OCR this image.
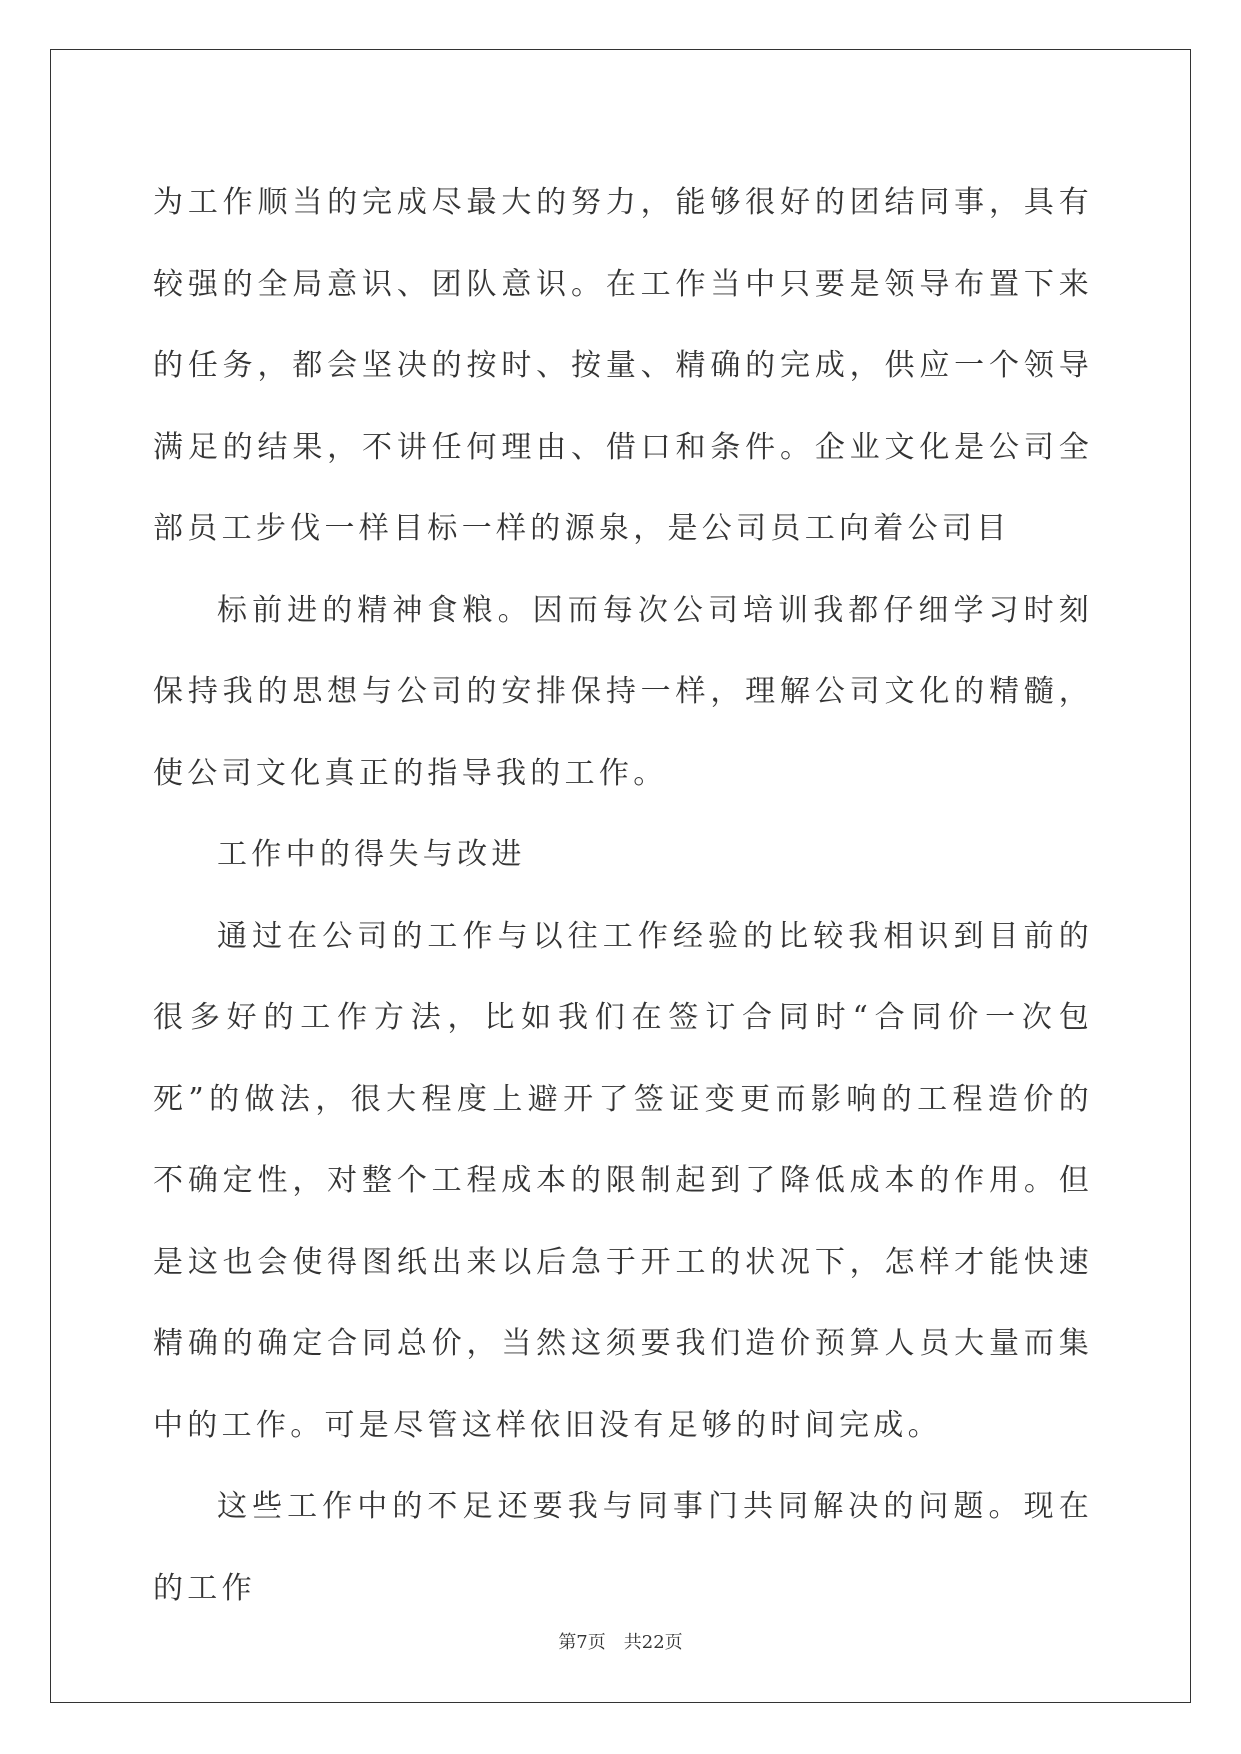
为工作顺当的完成尽最大的努力，能够很好的团结同事，具有较强的全局意识、团队意识。在工作当中只要是领导布置下来的任务，都会坚决的按时、按量、精确的完成，供应一个领导满足的结果，不讲任何理由、借口和条件。企业文化是公司全部员工步伐一样目标一样的源泉，是公司员工向着公司目

标前进的精神食粮。因而每次公司培训我都仔细学习时刻保持我的思想与公司的安排保持一样，理解公司文化的精髓，使公司文化真正的指导我的工作。

工作中的得失与改进

通过在公司的工作与以往工作经验的比较我相识到目前的很多好的工作方法，比如我们在签订合同时“合同价一次包死”的做法，很大程度上避开了签证变更而影响的工程造价的不确定性，对整个工程成本的限制起到了降低成本的作用。但是这也会使得图纸出来以后急于开工的状况下，怎样才能快速精确的确定合同总价，当然这须要我们造价预算人员大量而集中的工作。可是尽管这样依旧没有足够的时间完成。

这些工作中的不足还要我与同事门共同解决的问题。现在的工作

第7页 共22页
